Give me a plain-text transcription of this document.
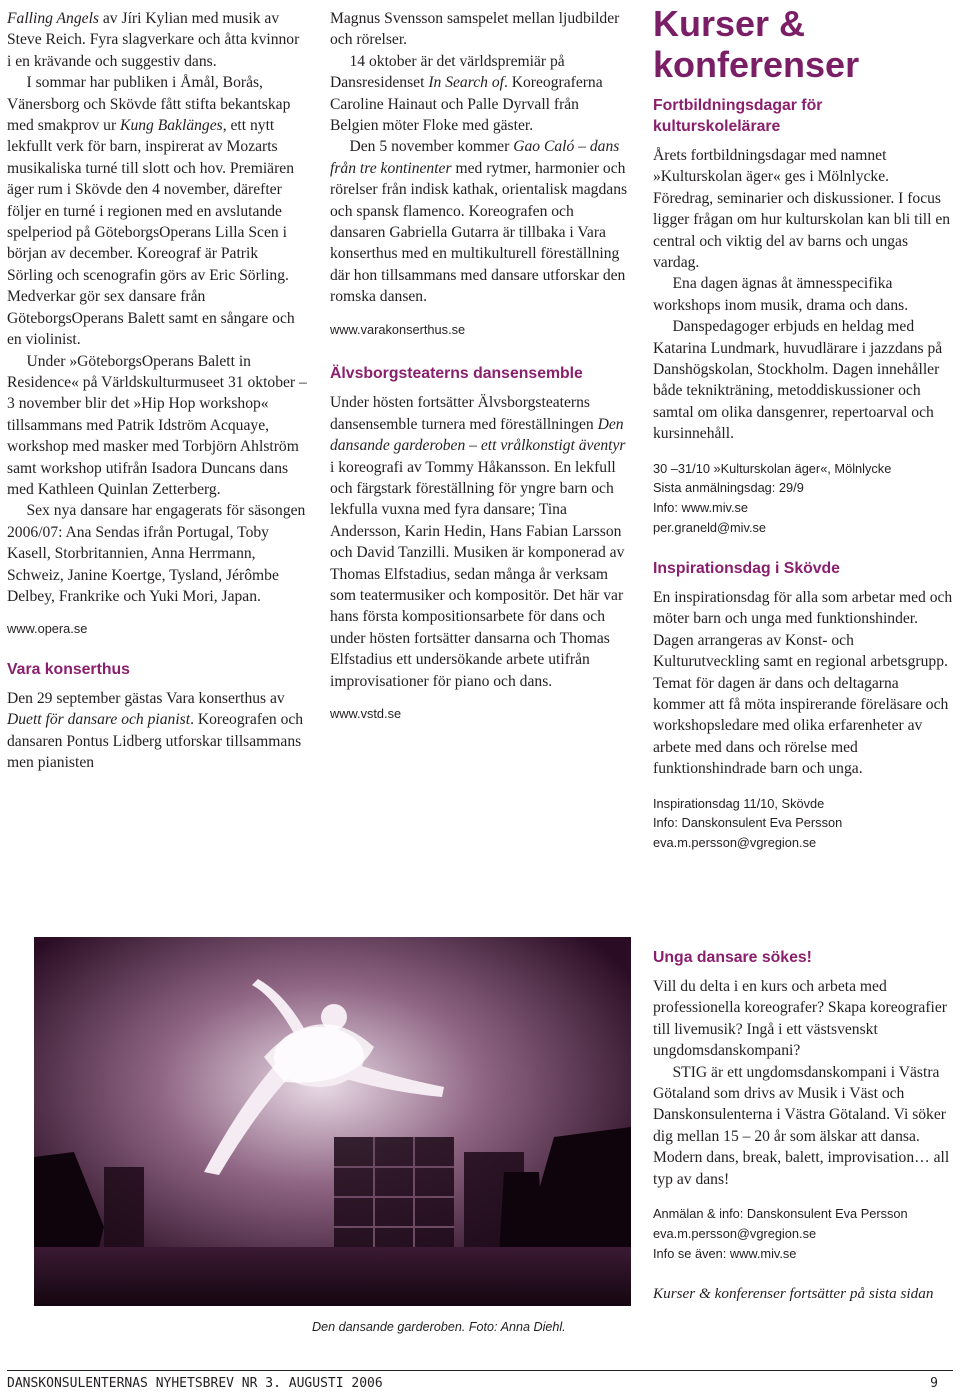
Falling Angels av Jíri Kylian med musik av Steve Reich. Fyra slagverkare och åtta kvinnor i en krävande och suggestiv dans.

I sommar har publiken i Åmål, Borås, Vänersborg och Skövde fått stifta bekantskap med smakprov ur Kung Baklänges, ett nytt lekfullt verk för barn, inspirerat av Mozarts musikaliska turné till slott och hov. Premiären äger rum i Skövde den 4 november, därefter följer en turné i regionen med en avslutande spelperiod på GöteborgsOperans Lilla Scen i början av december. Koreograf är Patrik Sörling och scenografin görs av Eric Sörling. Medverkar gör sex dansare från GöteborgsOperans Balett samt en sångare och en violinist.

Under »GöteborgsOperans Balett in Residence« på Världskulturmuseet 31 oktober – 3 november blir det »Hip Hop workshop« tillsammans med Patrik Idström Acquaye, workshop med masker med Torbjörn Ahlström samt workshop utifrån Isadora Duncans dans med Kathleen Quinlan Zetterberg.

Sex nya dansare har engagerats för säsongen 2006/07: Ana Sendas ifrån Portugal, Toby Kasell, Storbritannien, Anna Herrmann, Schweiz, Janine Koertge, Tysland, Jérômbe Delbey, Frankrike och Yuki Mori, Japan.

www.opera.se

Vara konserthus

Den 29 september gästas Vara konserthus av Duett för dansare och pianist. Koreografen och dansaren Pontus Lidberg utforskar tillsammans men pianisten

Magnus Svensson samspelet mellan ljudbilder och rörelser.

14 oktober är det världspremiär på Dansresidenset In Search of. Koreograferna Caroline Hainaut och Palle Dyrvall från Belgien möter Floke med gäster.

Den 5 november kommer Gao Caló – dans från tre kontinenter med rytmer, harmonier och rörelser från indisk kathak, orientalisk magdans och spansk flamenco. Koreografen och dansaren Gabriella Gutarra är tillbaka i Vara konserthus med en multikulturell föreställning där hon tillsammans med dansare utforskar den romska dansen.

www.varakonserthus.se

Älvsborgsteaterns dansensemble

Under hösten fortsätter Älvsborgsteaterns dansensemble turnera med föreställningen Den dansande garderoben – ett vrålkonstigt äventyr i koreografi av Tommy Håkansson. En lekfull och färgstark föreställning för yngre barn och lekfulla vuxna med fyra dansare; Tina Andersson, Karin Hedin, Hans Fabian Larsson och David Tanzilli. Musiken är komponerad av Thomas Elfstadius, sedan många år verksam som teatermusiker och kompositör. Det här var hans första kompositionsarbete för dans och under hösten fortsätter dansarna och Thomas Elfstadius ett undersökande arbete utifrån improvisationer för piano och dans.

www.vstd.se

Kurser & konferenser
Fortbildningsdagar för kulturskolelärare

Årets fortbildningsdagar med namnet »Kulturskolan äger« ges i Mölnlycke. Föredrag, seminarier och diskussioner. I focus ligger frågan om hur kulturskolan kan bli till en central och viktig del av barns och ungas vardag.

Ena dagen ägnas åt ämnesspecifika workshops inom musik, drama och dans.

Danspedagoger erbjuds en heldag med Katarina Lundmark, huvudlärare i jazzdans på Danshögskolan, Stockholm. Dagen innehåller både teknikträning, metoddiskussioner och samtal om olika dansgenrer, repertoarval och kursinnehåll.

30 –31/10 »Kulturskolan äger«, Mölnlycke
Sista anmälningsdag: 29/9
Info: www.miv.se
per.graneld@miv.se
Inspirationsdag i Skövde

En inspirationsdag för alla som arbetar med och möter barn och unga med funktionshinder. Dagen arrangeras av Konst- och Kulturutveckling samt en regional arbetsgrupp. Temat för dagen är dans och deltagarna kommer att få möta inspirerande föreläsare och workshopsledare med olika erfarenheter av arbete med dans och rörelse med funktionshindrade barn och unga.

Inspirationsdag 11/10, Skövde
Info: Danskonsulent Eva Persson
eva.m.persson@vgregion.se
Unga dansare sökes!

Vill du delta i en kurs och arbeta med professionella koreografer? Skapa koreografier till livemusik? Ingå i ett västsvenskt ungdomsdanskompani?

STIG är ett ungdomsdanskompani i Västra Götaland som drivs av Musik i Väst och Danskonsulenterna i Västra Götaland. Vi söker dig mellan 15 – 20 år som älskar att dansa. Modern dans, break, balett, improvisation… all typ av dans!

Anmälan & info: Danskonsulent Eva Persson
eva.m.persson@vgregion.se
Info se även: www.miv.se

Kurser & konferenser fortsätter på sista sidan

Den dansande garderoben. Foto: Anna Diehl.
DANSKONSULENTERNAS NYHETSBREV NR 3. AUGUSTI 2006	9
